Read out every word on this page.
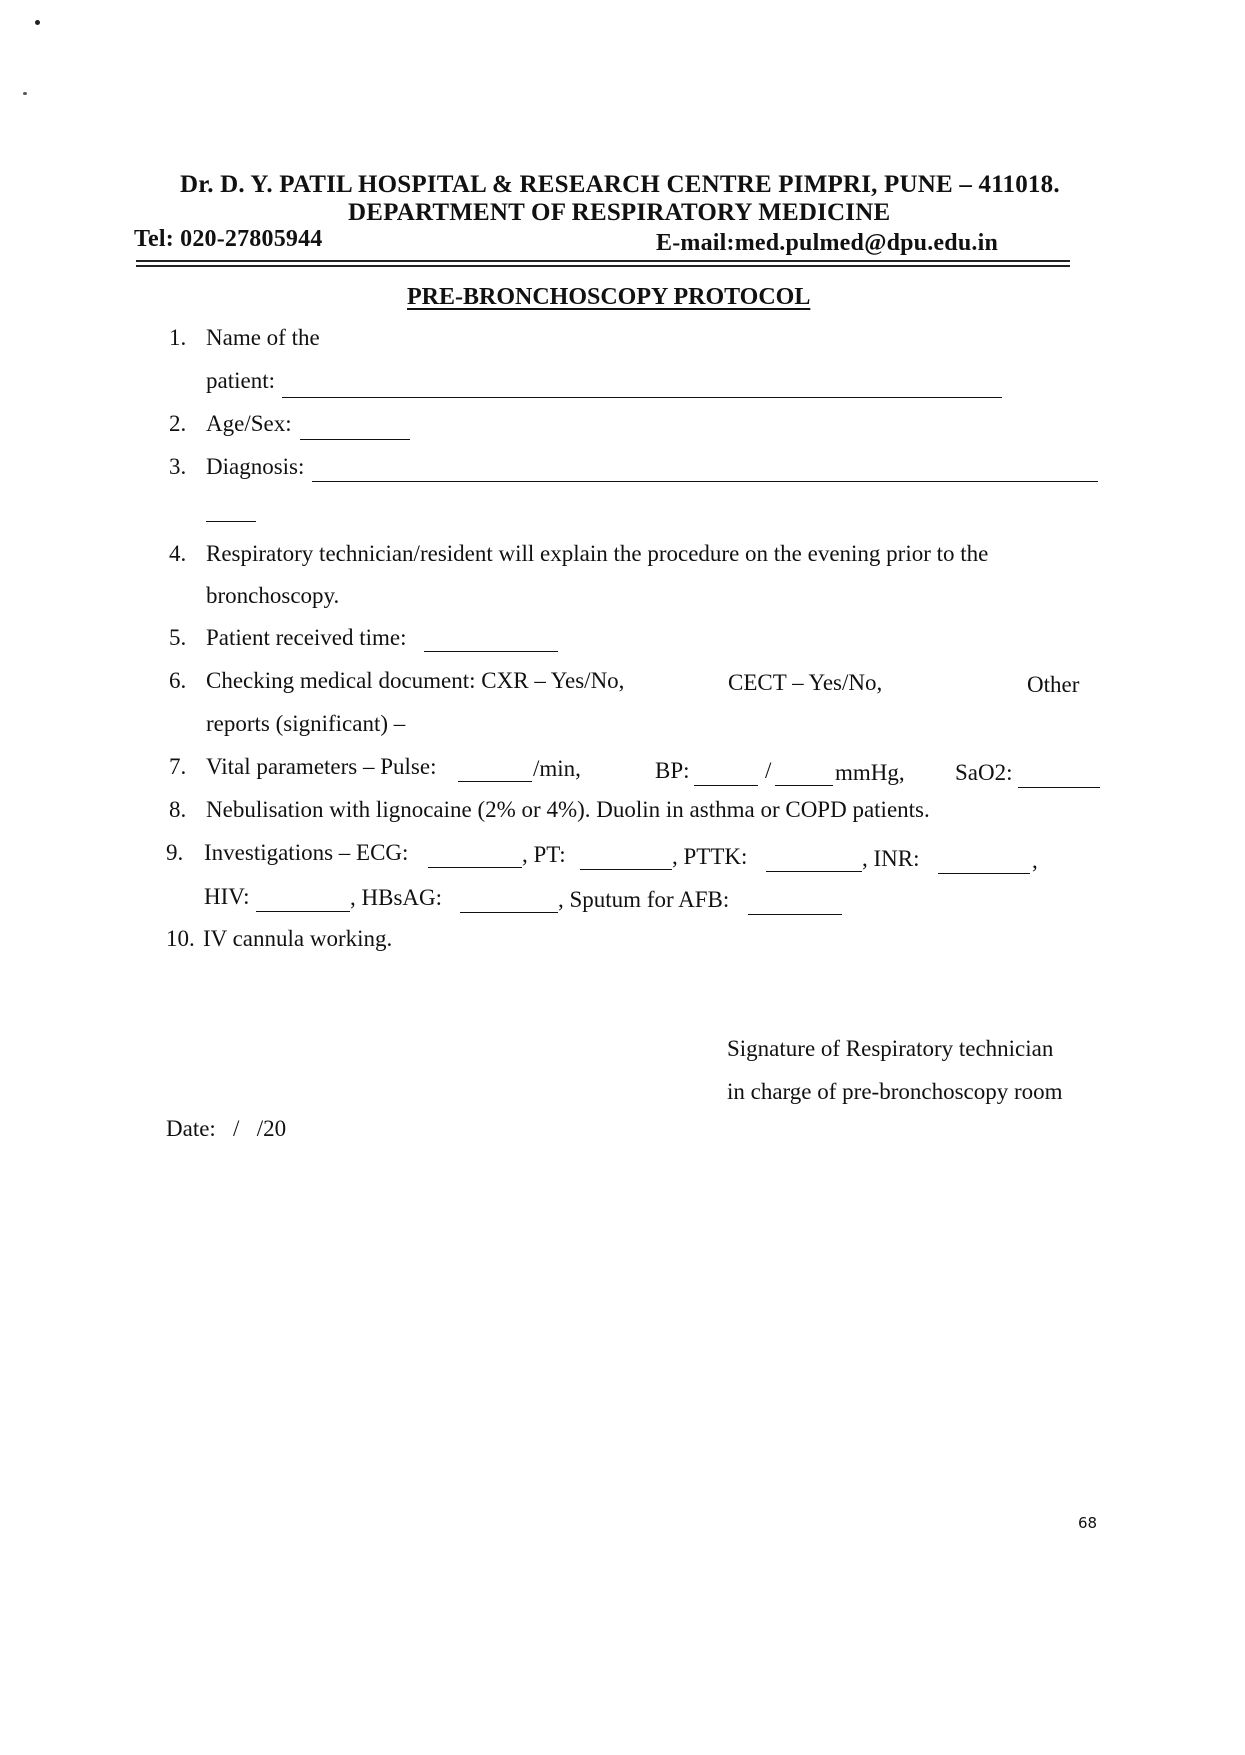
Dr. D. Y. PATIL HOSPITAL & RESEARCH CENTRE PIMPRI, PUNE – 411018.
DEPARTMENT OF RESPIRATORY MEDICINE
Tel: 020-27805944	E-mail:med.pulmed@dpu.edu.in
PRE-BRONCHOSCOPY PROTOCOL
1. Name of the
patient:
2. Age/Sex:
3. Diagnosis:
4. Respiratory technician/resident will explain the procedure on the evening prior to the
bronchoscopy.
5. Patient received time:
6. Checking medical document: CXR – Yes/No,	CECT – Yes/No,	Other
reports (significant) –
7. Vital parameters – Pulse:	/min,	BP:	/	mmHg, SaO2:
8. Nebulisation with lignocaine (2% or 4%). Duolin in asthma or COPD patients.
9. Investigations – ECG:	, PT:	, PTTK:	, INR:	,
HIV:	, HBsAG:	, Sputum for AFB:
10. IV cannula working.
Signature of Respiratory technician
in charge of pre-bronchoscopy room
Date:   /   /20
68
